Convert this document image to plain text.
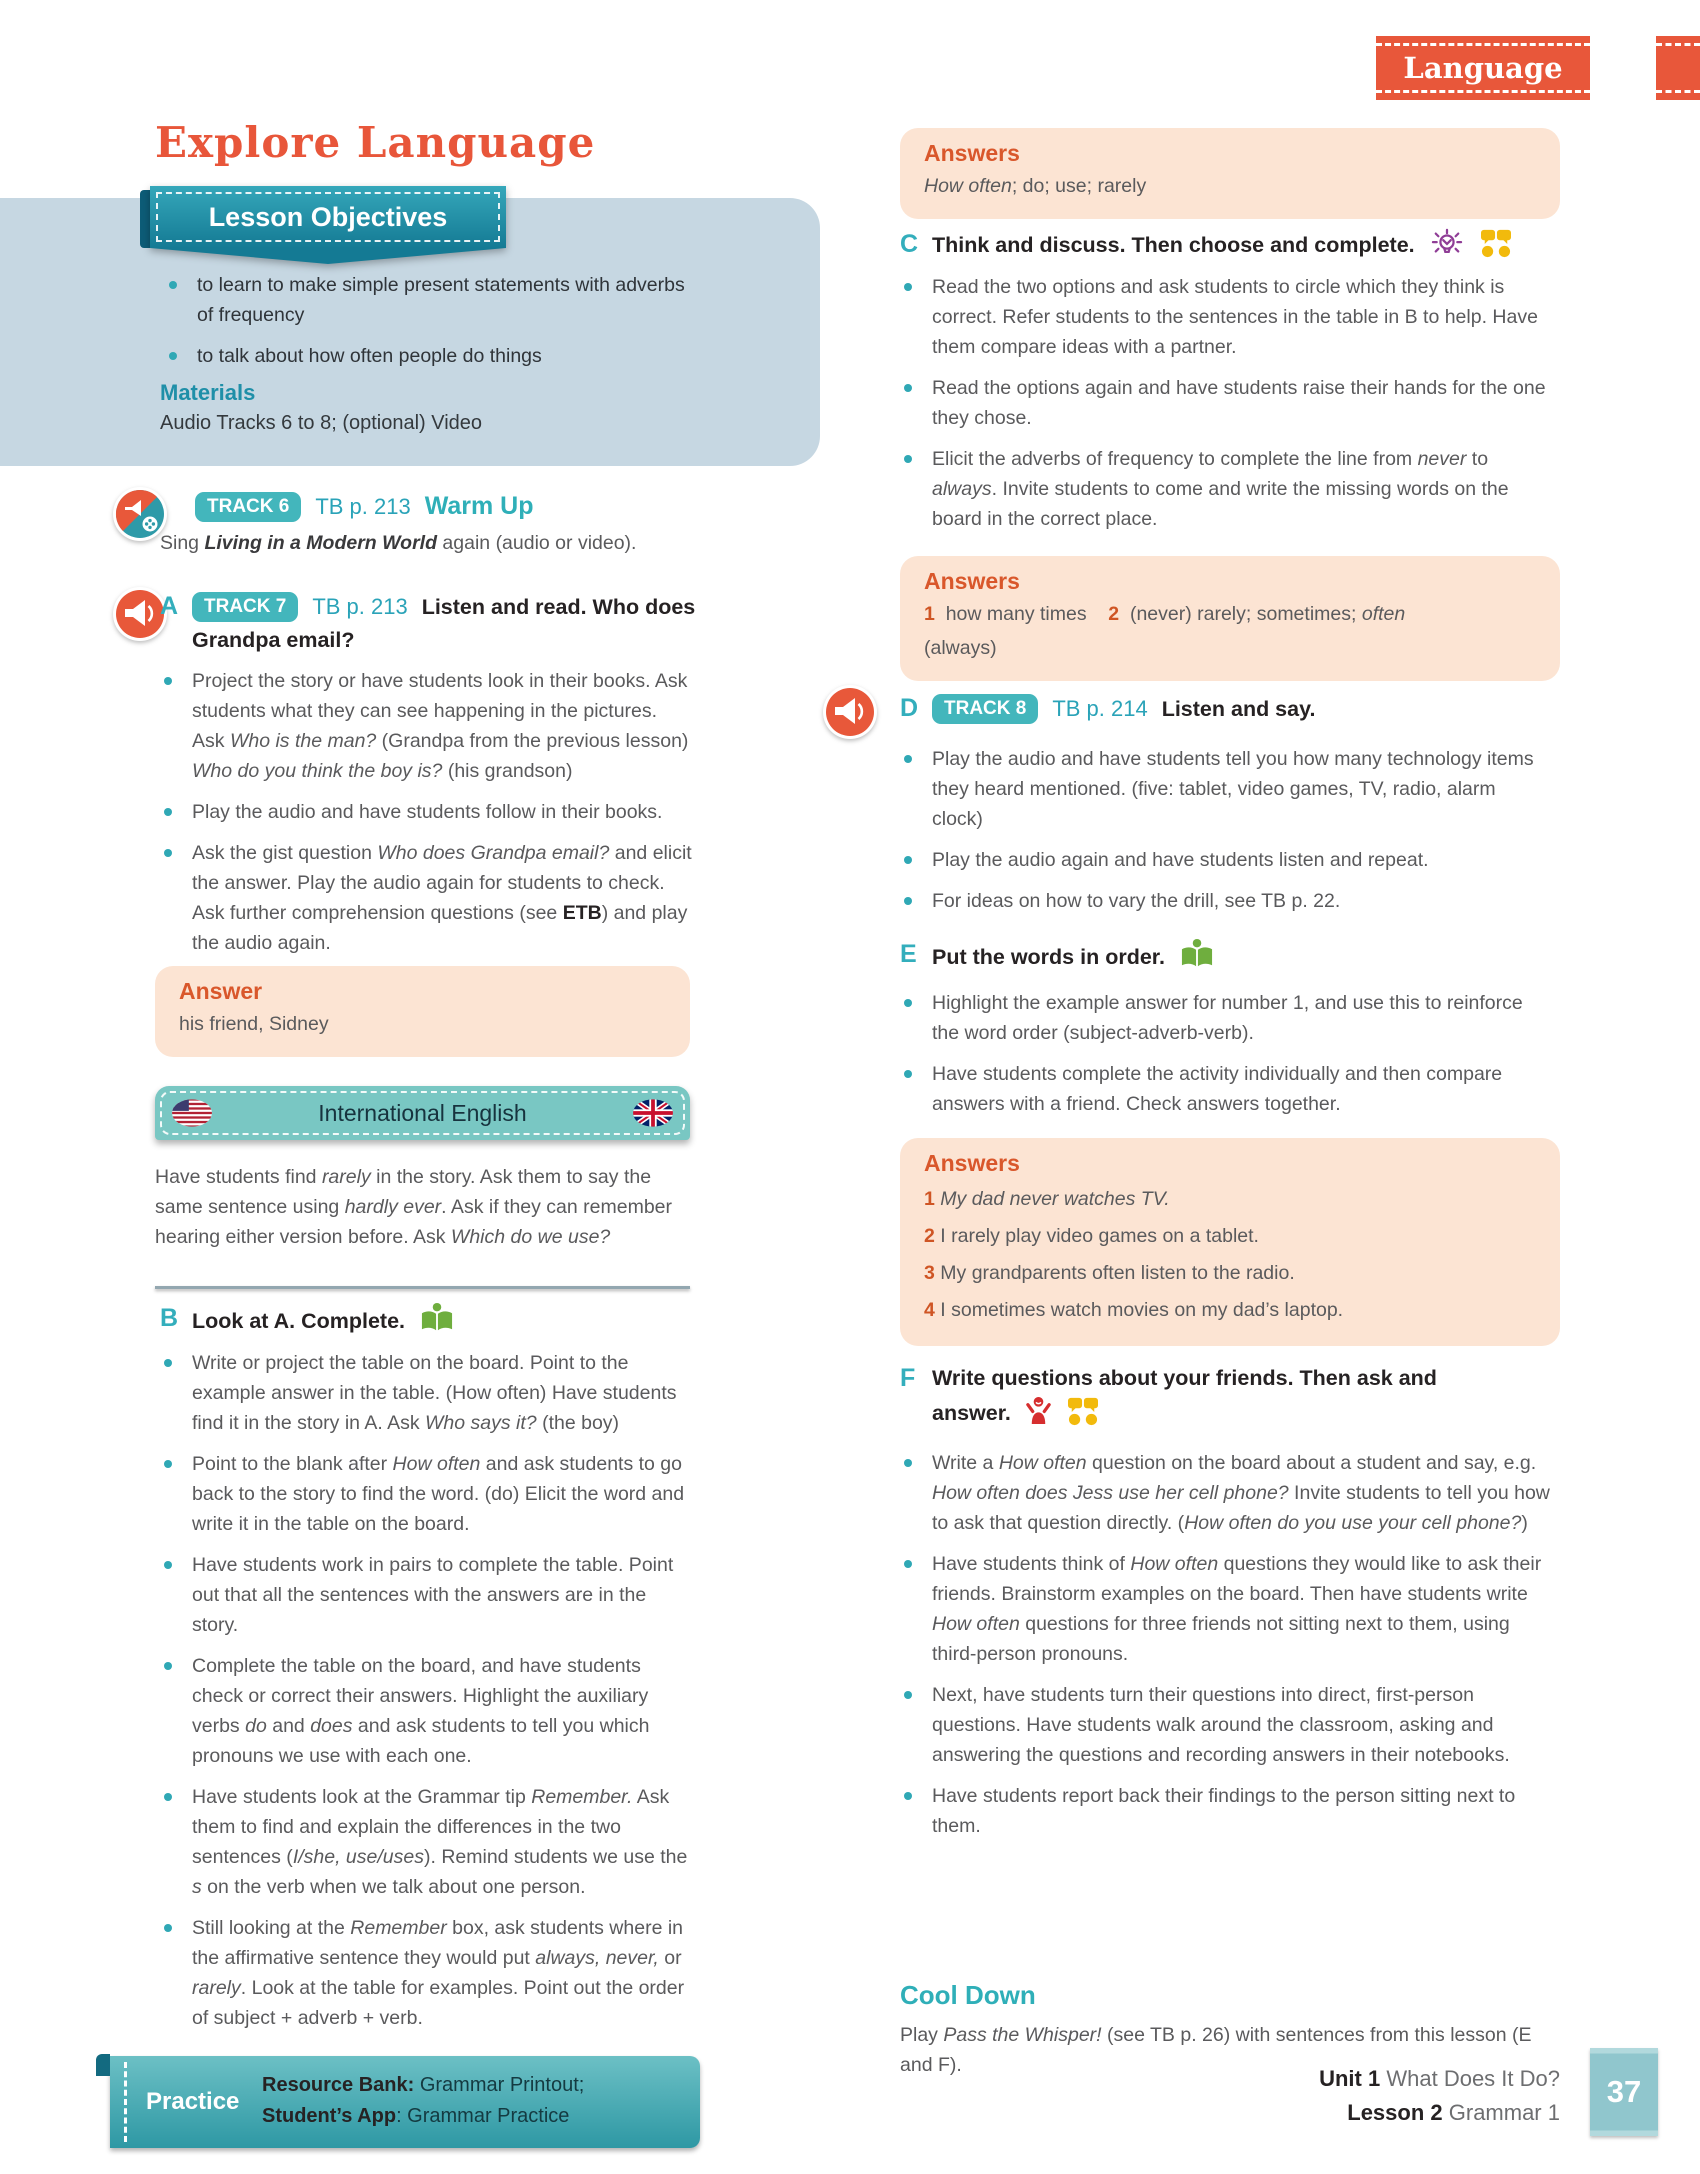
Language
Explore Language
to learn to make simple present statements with adverbs of frequency
to talk about how often people do things
Materials
Audio Tracks 6 to 8; (optional) Video
Lesson Objectives
TRACK 6 TB p. 213 Warm Up
Sing Living in a Modern World again (audio or video).
A TRACK 7 TB p. 213 Listen and read. Who does Grandpa email?
Project the story or have students look in their books. Ask students what they can see happening in the pictures. Ask Who is the man? (Grandpa from the previous lesson) Who do you think the boy is? (his grandson)
Play the audio and have students follow in their books.
Ask the gist question Who does Grandpa email? and elicit the answer. Play the audio again for students to check. Ask further comprehension questions (see ETB) and play the audio again.
Answer
his friend, Sidney
International English
Have students find rarely in the story. Ask them to say the same sentence using hardly ever. Ask if they can remember hearing either version before. Ask Which do we use?
B Look at A. Complete.
Write or project the table on the board. Point to the example answer in the table. (How often) Have students find it in the story in A. Ask Who says it? (the boy)
Point to the blank after How often and ask students to go back to the story to find the word. (do) Elicit the word and write it in the table on the board.
Have students work in pairs to complete the table. Point out that all the sentences with the answers are in the story.
Complete the table on the board, and have students check or correct their answers. Highlight the auxiliary verbs do and does and ask students to tell you which pronouns we use with each one.
Have students look at the Grammar tip Remember. Ask them to find and explain the differences in the two sentences (I/she, use/uses). Remind students we use the s on the verb when we talk about one person.
Still looking at the Remember box, ask students where in the affirmative sentence they would put always, never, or rarely. Look at the table for examples. Point out the order of subject + adverb + verb.
Practice
Resource Bank: Grammar Printout;
Student’s App: Grammar Practice
Answers
How often; do; use; rarely
C Think and discuss. Then choose and complete.
Read the two options and ask students to circle which they think is correct. Refer students to the sentences in the table in B to help. Have them compare ideas with a partner.
Read the options again and have students raise their hands for the one they chose.
Elicit the adverbs of frequency to complete the line from never to always. Invite students to come and write the missing words on the board in the correct place.
Answers
1  how many times    2  (never) rarely; sometimes; often
(always)
D TRACK 8 TB p. 214 Listen and say.
Play the audio and have students tell you how many technology items they heard mentioned. (five: tablet, video games, TV, radio, alarm clock)
Play the audio again and have students listen and repeat.
For ideas on how to vary the drill, see TB p. 22.
E Put the words in order.
Highlight the example answer for number 1, and use this to reinforce the word order (subject-adverb-verb).
Have students complete the activity individually and then compare answers with a friend. Check answers together.
Answers
1 My dad never watches TV.
2 I rarely play video games on a tablet.
3 My grandparents often listen to the radio.
4 I sometimes watch movies on my dad’s laptop.
F Write questions about your friends. Then ask and answer.
Write a How often question on the board about a student and say, e.g. How often does Jess use her cell phone? Invite students to tell you how to ask that question directly. (How often do you use your cell phone?)
Have students think of How often questions they would like to ask their friends. Brainstorm examples on the board. Then have students write How often questions for three friends not sitting next to them, using third-person pronouns.
Next, have students turn their questions into direct, first-person questions. Have students walk around the classroom, asking and answering the questions and recording answers in their notebooks.
Have students report back their findings to the person sitting next to them.
Cool Down
Play Pass the Whisper! (see TB p. 26) with sentences from this lesson (E and F).
Unit 1 What Does It Do?
Lesson 2 Grammar 1
37
